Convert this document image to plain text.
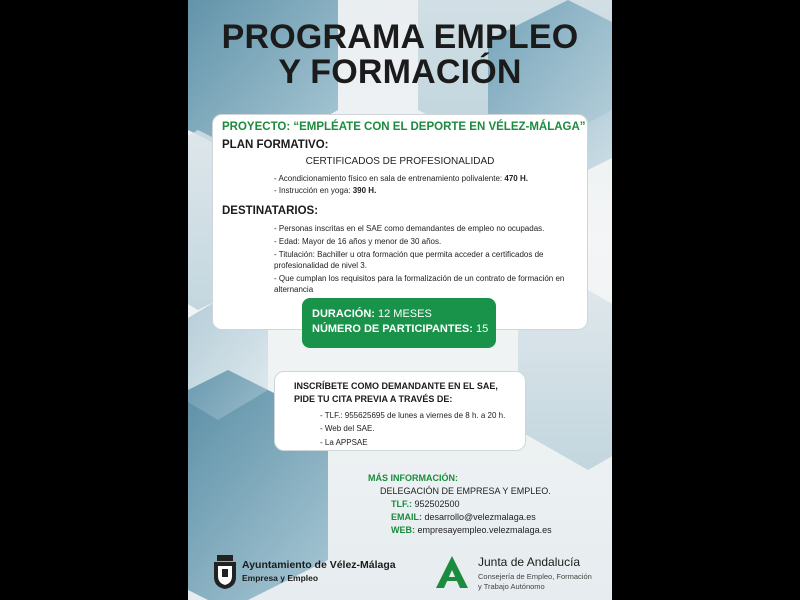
PROGRAMA EMPLEO
Y FORMACIÓN
PROYECTO: “EMPLÉATE CON EL DEPORTE EN VÉLEZ-MÁLAGA”
PLAN FORMATIVO:
CERTIFICADOS DE PROFESIONALIDAD
- Acondicionamiento físico en sala de entrenamiento polivalente: 470 H.
- Instrucción en yoga: 390 H.
DESTINATARIOS:
- Personas inscritas en el SAE como demandantes de empleo no ocupadas.
- Edad: Mayor de 16 años y menor de 30 años.
- Titulación: Bachiller u otra formación que permita acceder a certificados de
profesionalidad de nivel 3.
- Que cumplan los requisitos para la formalización de un contrato de formación en
alternancia
DURACIÓN: 12 MESES
NÚMERO DE PARTICIPANTES: 15
INSCRÍBETE COMO DEMANDANTE EN EL SAE,
PIDE TU CITA PREVIA A TRAVÉS DE:
- TLF.: 955625695 de lunes a viernes de 8 h. a 20 h.
- Web del SAE.
- La APPSAE
MÁS INFORMACIÓN:
DELEGACIÓN DE EMPRESA Y EMPLEO.
TLF.: 952502500
EMAIL: desarrollo@velezmalaga.es
WEB: empresayempleo.velezmalaga.es
Ayuntamiento de Vélez-Málaga
Empresa y Empleo
Junta de Andalucía
Consejería de Empleo, Formación
y Trabajo Autónomo
